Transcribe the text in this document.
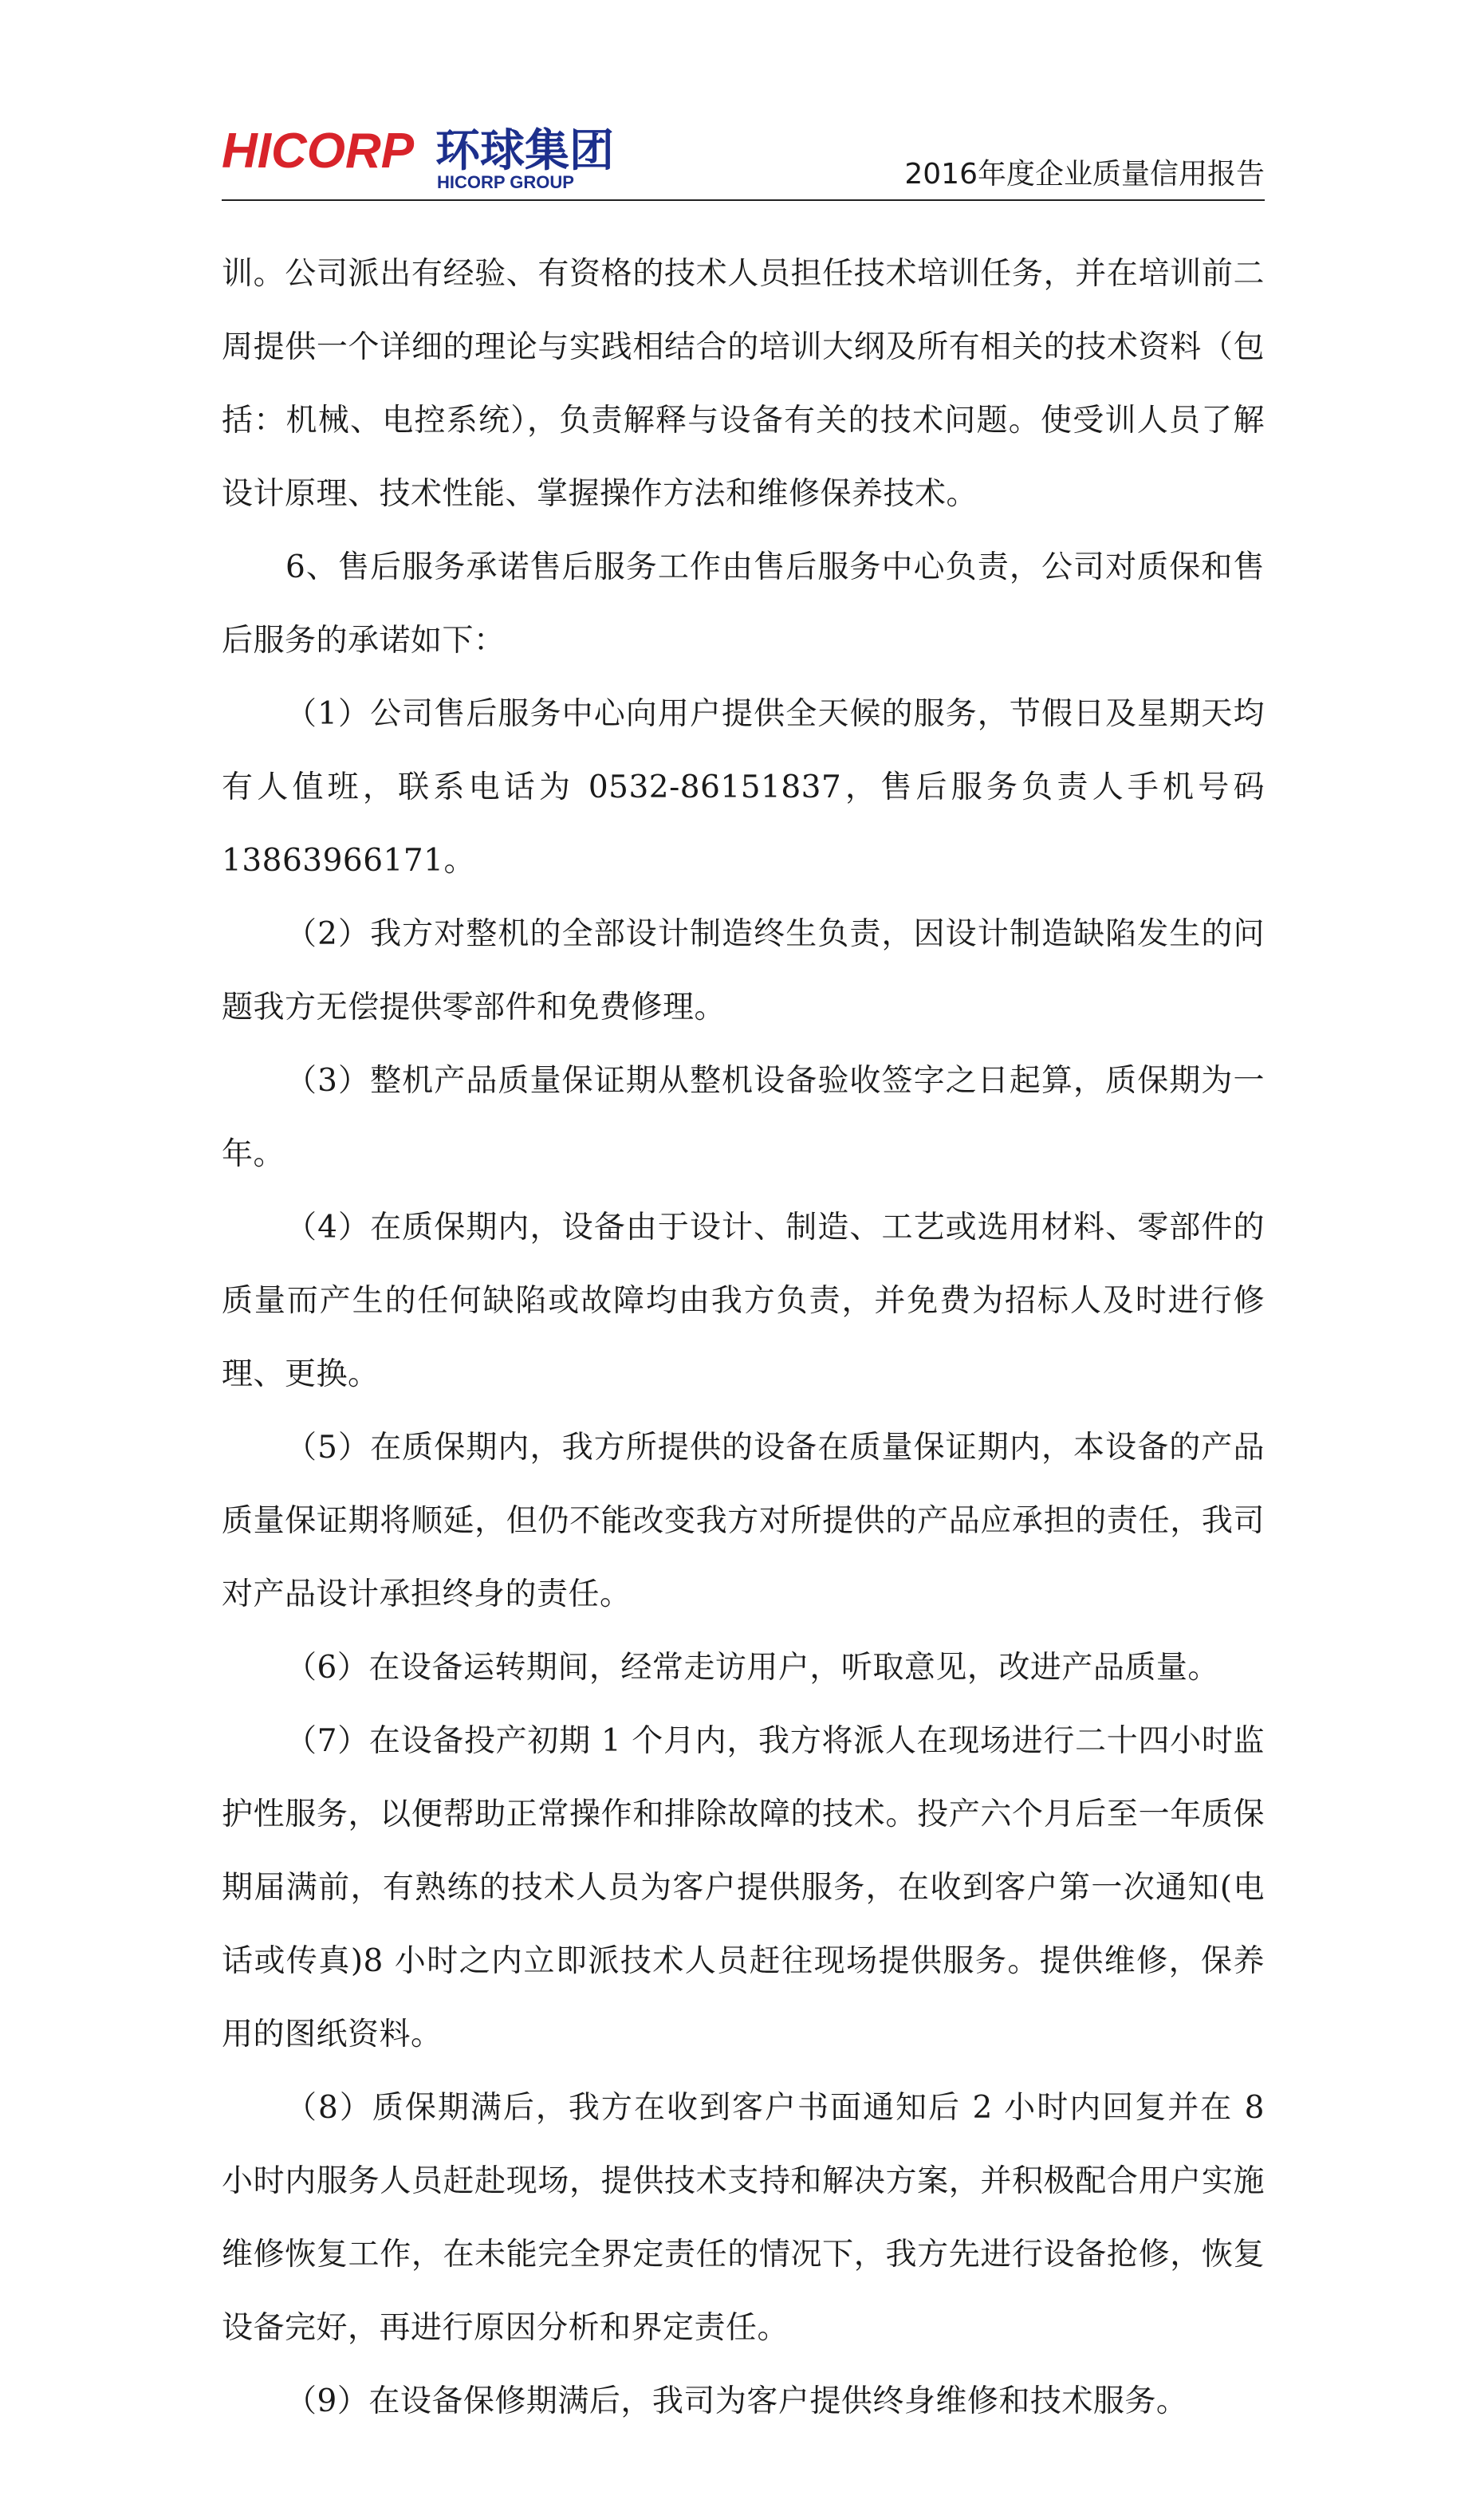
HICORP 环球集团
HICORP GROUP	2016年度企业质量信用报告

训。公司派出有经验、有资格的技术人员担任技术培训任务，并在培训前二周提供一个详细的理论与实践相结合的培训大纲及所有相关的技术资料（包括：机械、电控系统），负责解释与设备有关的技术问题。使受训人员了解设计原理、技术性能、掌握操作方法和维修保养技术。

6、售后服务承诺售后服务工作由售后服务中心负责，公司对质保和售后服务的承诺如下：

（1）公司售后服务中心向用户提供全天候的服务，节假日及星期天均有人值班，联系电话为 0532-86151837，售后服务负责人手机号码 13863966171。

（2）我方对整机的全部设计制造终生负责，因设计制造缺陷发生的问题我方无偿提供零部件和免费修理。

（3）整机产品质量保证期从整机设备验收签字之日起算，质保期为一年。

（4）在质保期内，设备由于设计、制造、工艺或选用材料、零部件的质量而产生的任何缺陷或故障均由我方负责，并免费为招标人及时进行修理、更换。

（5）在质保期内，我方所提供的设备在质量保证期内，本设备的产品质量保证期将顺延，但仍不能改变我方对所提供的产品应承担的责任，我司对产品设计承担终身的责任。

（6）在设备运转期间，经常走访用户，听取意见，改进产品质量。

（7）在设备投产初期 1 个月内，我方将派人在现场进行二十四小时监护性服务，以便帮助正常操作和排除故障的技术。投产六个月后至一年质保期届满前，有熟练的技术人员为客户提供服务，在收到客户第一次通知(电话或传真)8 小时之内立即派技术人员赶往现场提供服务。提供维修，保养用的图纸资料。

（8）质保期满后，我方在收到客户书面通知后 2 小时内回复并在 8 小时内服务人员赶赴现场，提供技术支持和解决方案，并积极配合用户实施维修恢复工作，在未能完全界定责任的情况下，我方先进行设备抢修，恢复设备完好，再进行原因分析和界定责任。

（9）在设备保修期满后，我司为客户提供终身维修和技术服务。
